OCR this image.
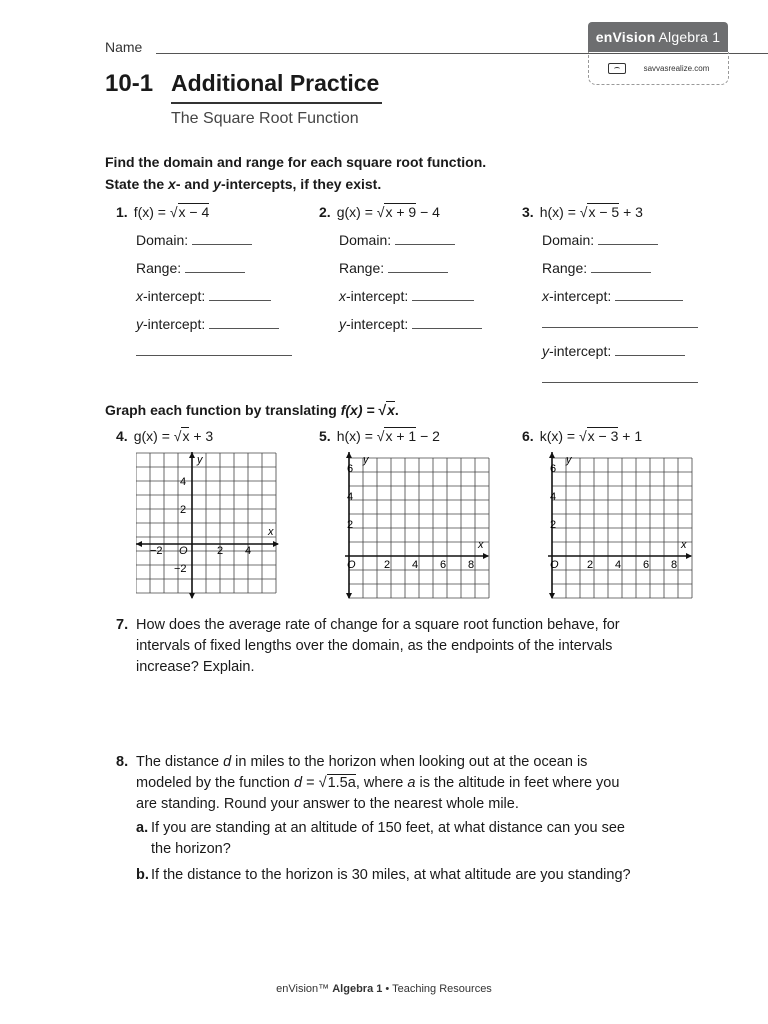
Name
enVision Algebra 1
savvasrealize.com
10-1 Additional Practice
The Square Root Function
Find the domain and range for each square root function.
State the x- and y-intercepts, if they exist.
1. f(x) = √x − 4
Domain:
Range:
x-intercept:
y-intercept:
2. g(x) = √x + 9 − 4
Domain:
Range:
x-intercept:
y-intercept:
3. h(x) = √x − 5 + 3
Domain:
Range:
x-intercept:
y-intercept:
Graph each function by translating f(x) = √x.
4. g(x) = √x + 3	5. h(x) = √x + 1 − 2	6. k(x) = √x − 3 + 1
y
x
4
2
−2
−2	2 4
O
y
x
6
4
2
O	2 4 6 8
y
x
6
4
2
O	2 4 6 8
7. How does the average rate of change for a square root function behave, for
intervals of fixed lengths over the domain, as the endpoints of the intervals
increase? Explain.
8. The distance d in miles to the horizon when looking out at the ocean is
modeled by the function d = √1.5a, where a is the altitude in feet where you
are standing. Round your answer to the nearest whole mile.
a. If you are standing at an altitude of 150 feet, at what distance can you see
the horizon?
b. If the distance to the horizon is 30 miles, at what altitude are you standing?
enVision™ Algebra 1 • Teaching Resources
